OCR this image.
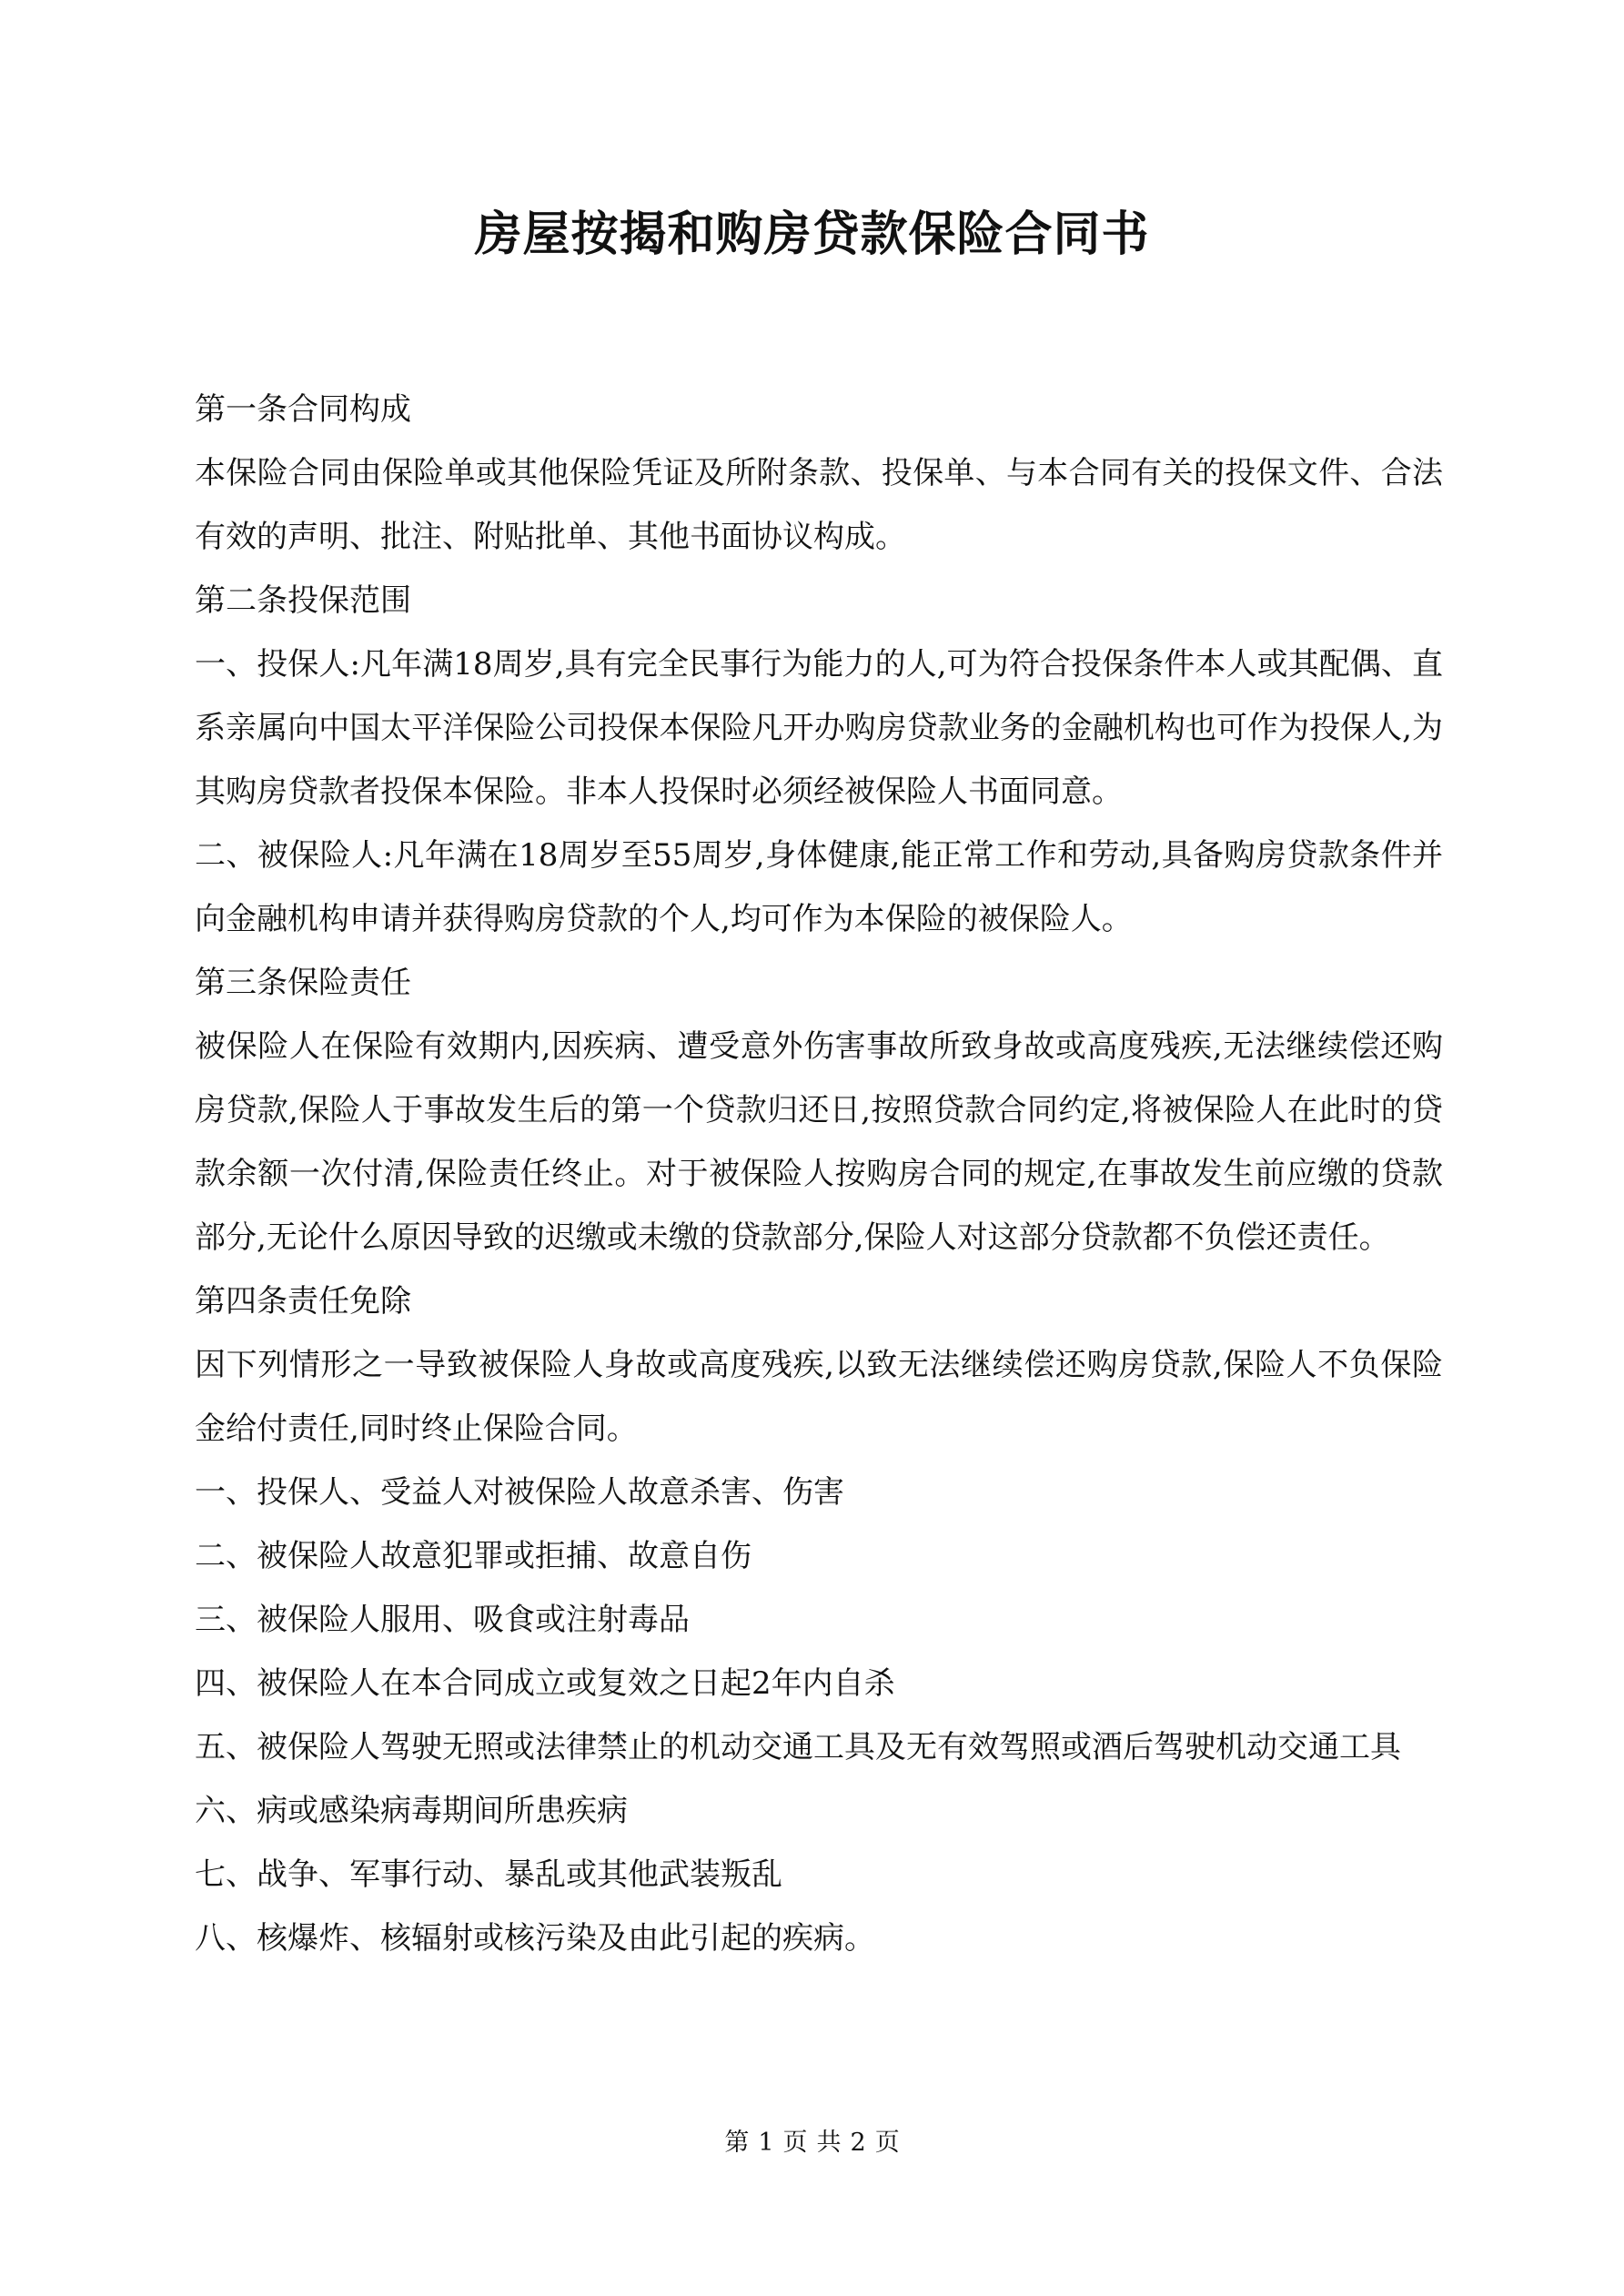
房屋按揭和购房贷款保险合同书

第一条合同构成

本保险合同由保险单或其他保险凭证及所附条款、投保单、与本合同有关的投保文件、合法有效的声明、批注、附贴批单、其他书面协议构成。

第二条投保范围

一、投保人:凡年满18周岁,具有完全民事行为能力的人,可为符合投保条件本人或其配偶、直系亲属向中国太平洋保险公司投保本保险凡开办购房贷款业务的金融机构也可作为投保人,为其购房贷款者投保本保险。非本人投保时必须经被保险人书面同意。

二、被保险人:凡年满在18周岁至55周岁,身体健康,能正常工作和劳动,具备购房贷款条件并向金融机构申请并获得购房贷款的个人,均可作为本保险的被保险人。

第三条保险责任

被保险人在保险有效期内,因疾病、遭受意外伤害事故所致身故或高度残疾,无法继续偿还购房贷款,保险人于事故发生后的第一个贷款归还日,按照贷款合同约定,将被保险人在此时的贷款余额一次付清,保险责任终止。对于被保险人按购房合同的规定,在事故发生前应缴的贷款部分,无论什么原因导致的迟缴或未缴的贷款部分,保险人对这部分贷款都不负偿还责任。

第四条责任免除

因下列情形之一导致被保险人身故或高度残疾,以致无法继续偿还购房贷款,保险人不负保险金给付责任,同时终止保险合同。

一、投保人、受益人对被保险人故意杀害、伤害

二、被保险人故意犯罪或拒捕、故意自伤

三、被保险人服用、吸食或注射毒品

四、被保险人在本合同成立或复效之日起2年内自杀

五、被保险人驾驶无照或法律禁止的机动交通工具及无有效驾照或酒后驾驶机动交通工具

六、病或感染病毒期间所患疾病

七、战争、军事行动、暴乱或其他武装叛乱

八、核爆炸、核辐射或核污染及由此引起的疾病。

第 1 页 共 2 页
